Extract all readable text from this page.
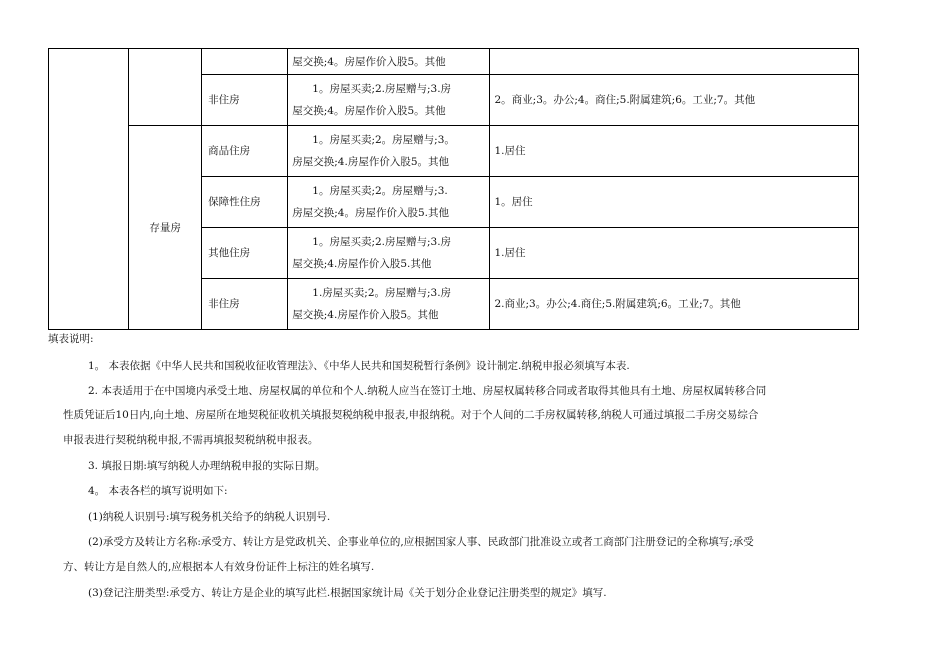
			屋交换;4。房屋作价入股5。其他	

		非住房	1。房屋买卖;2.房屋赠与;3.房
屋交换;4。房屋作价入股5。其他	2。商业;3。办公;4。商住;5.附属建筑;6。工业;7。其他
	存量房	商品住房	1。房屋买卖;2。房屋赠与;3。
房屋交换;4.房屋作价入股5。其他	1.居住
		保障性住房	1。房屋买卖;2。房屋赠与;3.
房屋交换;4。房屋作价入股5.其他	1。居住
		其他住房	1。房屋买卖;2.房屋赠与;3.房
屋交换;4.房屋作价入股5.其他	1.居住
		非住房	1.房屋买卖;2。房屋赠与;3.房
屋交换;4.房屋作价入股5。其他	2.商业;3。办公;4.商住;5.附属建筑;6。工业;7。其他

填表说明:

1。 本表依据《中华人民共和国税收征收管理法》、《中华人民共和国契税暂行条例》设计制定.纳税申报必须填写本表.

2. 本表适用于在中国境内承受土地、房屋权属的单位和个人.纳税人应当在签订土地、房屋权属转移合同或者取得其他具有土地、房屋权属转移合同

性质凭证后10日内,向土地、房屋所在地契税征收机关填报契税纳税申报表,申报纳税。对于个人间的二手房权属转移,纳税人可通过填报二手房交易综合

申报表进行契税纳税申报,不需再填报契税纳税申报表。

3. 填报日期:填写纳税人办理纳税申报的实际日期。

4。 本表各栏的填写说明如下:

(1)纳税人识别号:填写税务机关给予的纳税人识别号.

(2)承受方及转让方名称:承受方、转让方是党政机关、企事业单位的,应根据国家人事、民政部门批准设立或者工商部门注册登记的全称填写;承受

方、转让方是自然人的,应根据本人有效身份证件上标注的姓名填写.

(3)登记注册类型:承受方、转让方是企业的填写此栏.根据国家统计局《关于划分企业登记注册类型的规定》填写.
